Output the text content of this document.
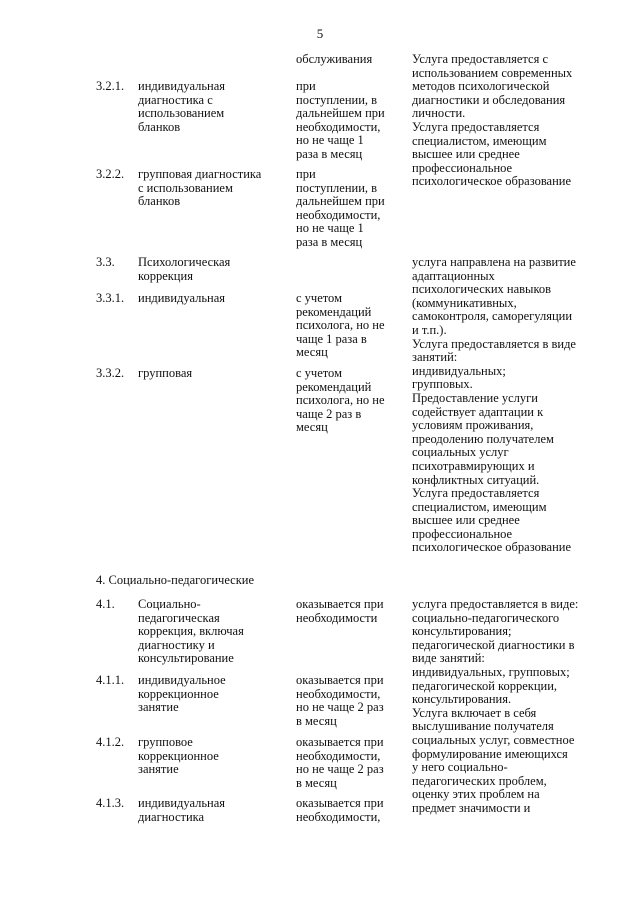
5
обслуживания
3.2.1. индивидуальная
диагностика с
использованием
бланков
при
поступлении, в
дальнейшем при
необходимости,
но не чаще 1
раза в месяц
Услуга предоставляется с
использованием современных
методов психологической
диагностики и обследования
личности.
Услуга предоставляется
специалистом, имеющим
высшее или среднее
профессиональное
психологическое образование
3.2.2. групповая диагностика
с использованием
бланков
при
поступлении, в
дальнейшем при
необходимости,
но не чаще 1
раза в месяц
3.3. Психологическая
коррекция
услуга направлена на развитие
адаптационных
психологических навыков
(коммуникативных,
самоконтроля, саморегуляции
и т.п.).
Услуга предоставляется в виде
занятий:
индивидуальных;
групповых.
Предоставление услуги
содействует адаптации к
условиям проживания,
преодолению получателем
социальных услуг
психотравмирующих и
конфликтных ситуаций.
Услуга предоставляется
специалистом, имеющим
высшее или среднее
профессиональное
психологическое образование
3.3.1. индивидуальная	с учетом
рекомендаций
психолога, но не
чаще 1 раза в
месяц
3.3.2. групповая	с учетом
рекомендаций
психолога, но не
чаще 2 раз в
месяц
4. Социально-педагогические
4.1. Социально-
педагогическая
коррекция, включая
диагностику и
консультирование
оказывается при
необходимости
услуга предоставляется в виде:
социально-педагогического
консультирования;
педагогической диагностики в
виде занятий:
индивидуальных, групповых;
педагогической коррекции,
консультирования.
Услуга включает в себя
выслушивание получателя
социальных услуг, совместное
формулирование имеющихся
у него социально-
педагогических проблем,
оценку этих проблем на
предмет значимости и
4.1.1. индивидуальное
коррекционное
занятие
оказывается при
необходимости,
но не чаще 2 раз
в месяц
4.1.2. групповое
коррекционное
занятие
оказывается при
необходимости,
но не чаще 2 раз
в месяц
4.1.3. индивидуальная
диагностика
оказывается при
необходимости,
